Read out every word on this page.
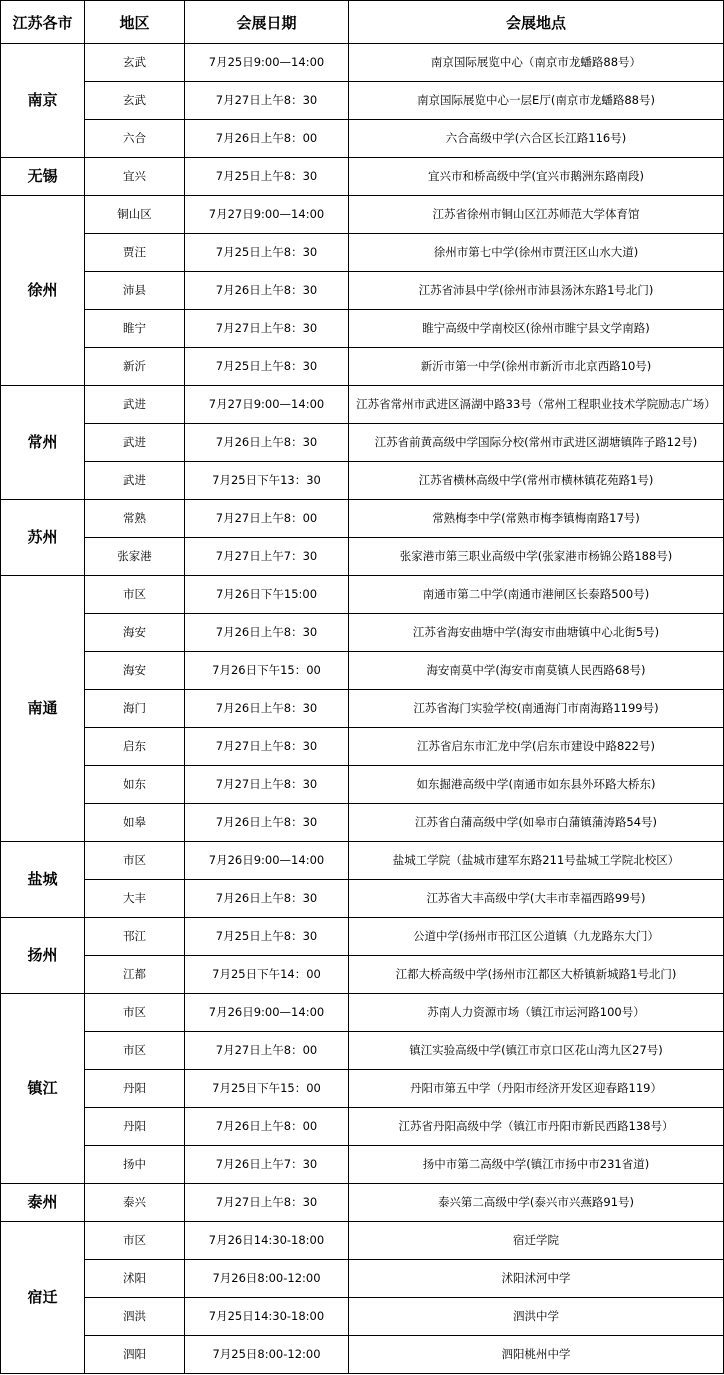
江苏各市	地区	会展日期	会展地点
南京	玄武	7月25日9:00—14:00	南京国际展览中心（南京市龙蟠路88号）
	玄武	7月27日上午8：30	南京国际展览中心一层E厅(南京市龙蟠路88号)
	六合	7月26日上午8：00	六合高级中学(六合区长江路116号)
无锡	宜兴	7月25日上午8：30	宜兴市和桥高级中学(宜兴市鹅洲东路南段)
徐州	铜山区	7月27日9:00—14:00	江苏省徐州市铜山区江苏师范大学体育馆
	贾汪	7月25日上午8：30	徐州市第七中学(徐州市贾汪区山水大道)
	沛县	7月26日上午8：30	江苏省沛县中学(徐州市沛县汤沐东路1号北门)
	睢宁	7月27日上午8：30	睢宁高级中学南校区(徐州市睢宁县文学南路)
	新沂	7月25日上午8：30	新沂市第一中学(徐州市新沂市北京西路10号)
常州	武进	7月27日9:00—14:00	江苏省常州市武进区滆湖中路33号（常州工程职业技术学院励志广场）
	武进	7月26日上午8：30	江苏省前黄高级中学国际分校(常州市武进区湖塘镇阵子路12号)
	武进	7月25日下午13：30	江苏省横林高级中学(常州市横林镇花苑路1号)
苏州	常熟	7月27日上午8：00	常熟梅李中学(常熟市梅李镇梅南路17号)
	张家港	7月27日上午7：30	张家港市第三职业高级中学(张家港市杨锦公路188号)
南通	市区	7月26日下午15:00	南通市第二中学(南通市港闸区长泰路500号)
	海安	7月26日上午8：30	江苏省海安曲塘中学(海安市曲塘镇中心北街5号)
	海安	7月26日下午15：00	海安南莫中学(海安市南莫镇人民西路68号)
	海门	7月26日上午8：30	江苏省海门实验学校(南通海门市南海路1199号)
	启东	7月27日上午8：30	江苏省启东市汇龙中学(启东市建设中路822号)
	如东	7月27日上午8：30	如东掘港高级中学(南通市如东县外环路大桥东)
	如皋	7月26日上午8：30	江苏省白蒲高级中学(如皋市白蒲镇蒲涛路54号)
盐城	市区	7月26日9:00—14:00	盐城工学院（盐城市建军东路211号盐城工学院北校区）
	大丰	7月26日上午8：30	江苏省大丰高级中学(大丰市幸福西路99号)
扬州	邗江	7月25日上午8：30	公道中学(扬州市邗江区公道镇（九龙路东大门）
	江都	7月25日下午14：00	江都大桥高级中学(扬州市江都区大桥镇新城路1号北门)
镇江	市区	7月26日9:00—14:00	苏南人力资源市场（镇江市运河路100号）
	市区	7月27日上午8：00	镇江实验高级中学(镇江市京口区花山湾九区27号)
	丹阳	7月25日下午15：00	丹阳市第五中学（丹阳市经济开发区迎春路119）
	丹阳	7月26日上午8：00	江苏省丹阳高级中学（镇江市丹阳市新民西路138号）
	扬中	7月26日上午7：30	扬中市第二高级中学(镇江市扬中市231省道)
泰州	泰兴	7月27日上午8：30	泰兴第二高级中学(泰兴市兴燕路91号)
宿迁	市区	7月26日14:30-18:00	宿迁学院
	沭阳	7月26日8:00-12:00	沭阳沭河中学
	泗洪	7月25日14:30-18:00	泗洪中学
	泗阳	7月25日8:00-12:00	泗阳桃州中学
